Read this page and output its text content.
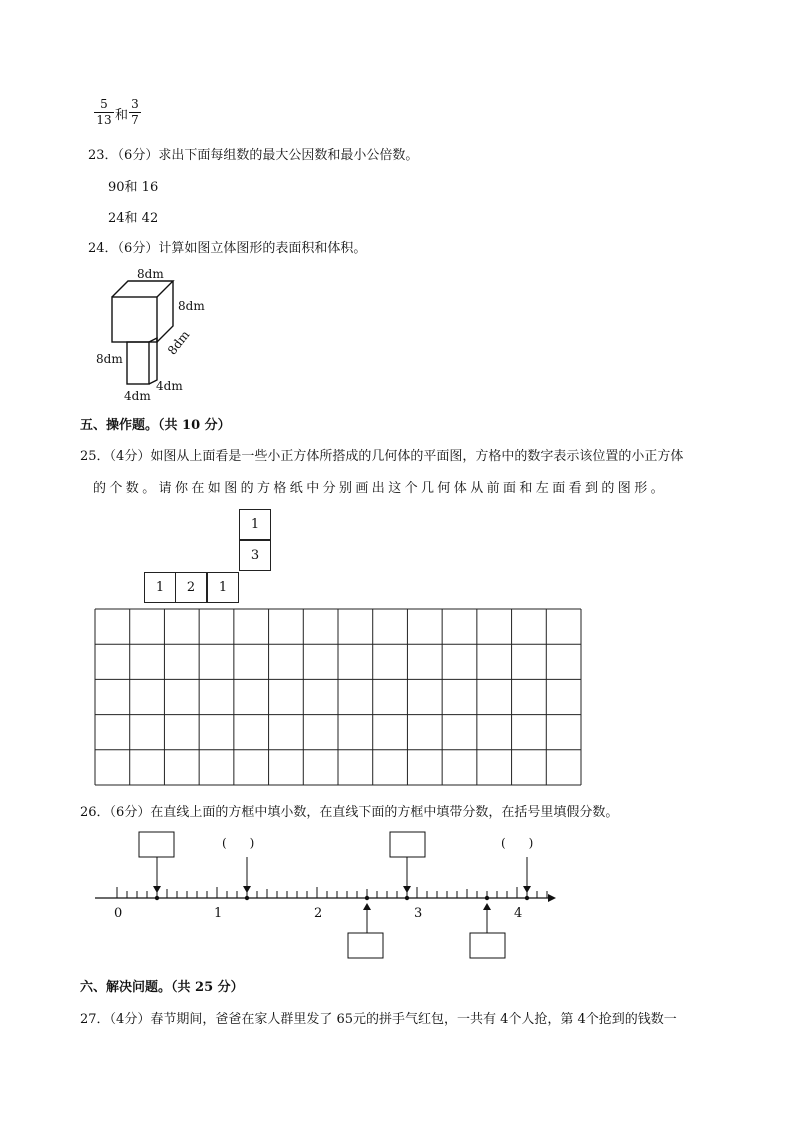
5
13 和
3
7
23．（6分）求出下面每组数的最大公因数和最小公倍数。
90和 16
24和 42
24．（6分）计算如图立体图形的表面积和体积。
8dm
8dm
8dm
8dm
4dm
4dm
五、操作题。（共 10 分）
25．（4分）如图从上面看是一些小正方体所搭成的几何体的平面图，方格中的数字表示该位置的小正方体
的个数。请你在如图的方格纸中分别画出这个几何体从前面和左面看到的图形。
1
3
1	2	1
26．（6分）在直线上面的方框中填小数，在直线下面的方框中填带分数，在括号里填假分数。
(      )	(      )
0	1	2	3	4
六、解决问题。（共 25 分）
27．（4分）春节期间，爸爸在家人群里发了 65元的拼手气红包，一共有 4个人抢，第 4个抢到的钱数一
